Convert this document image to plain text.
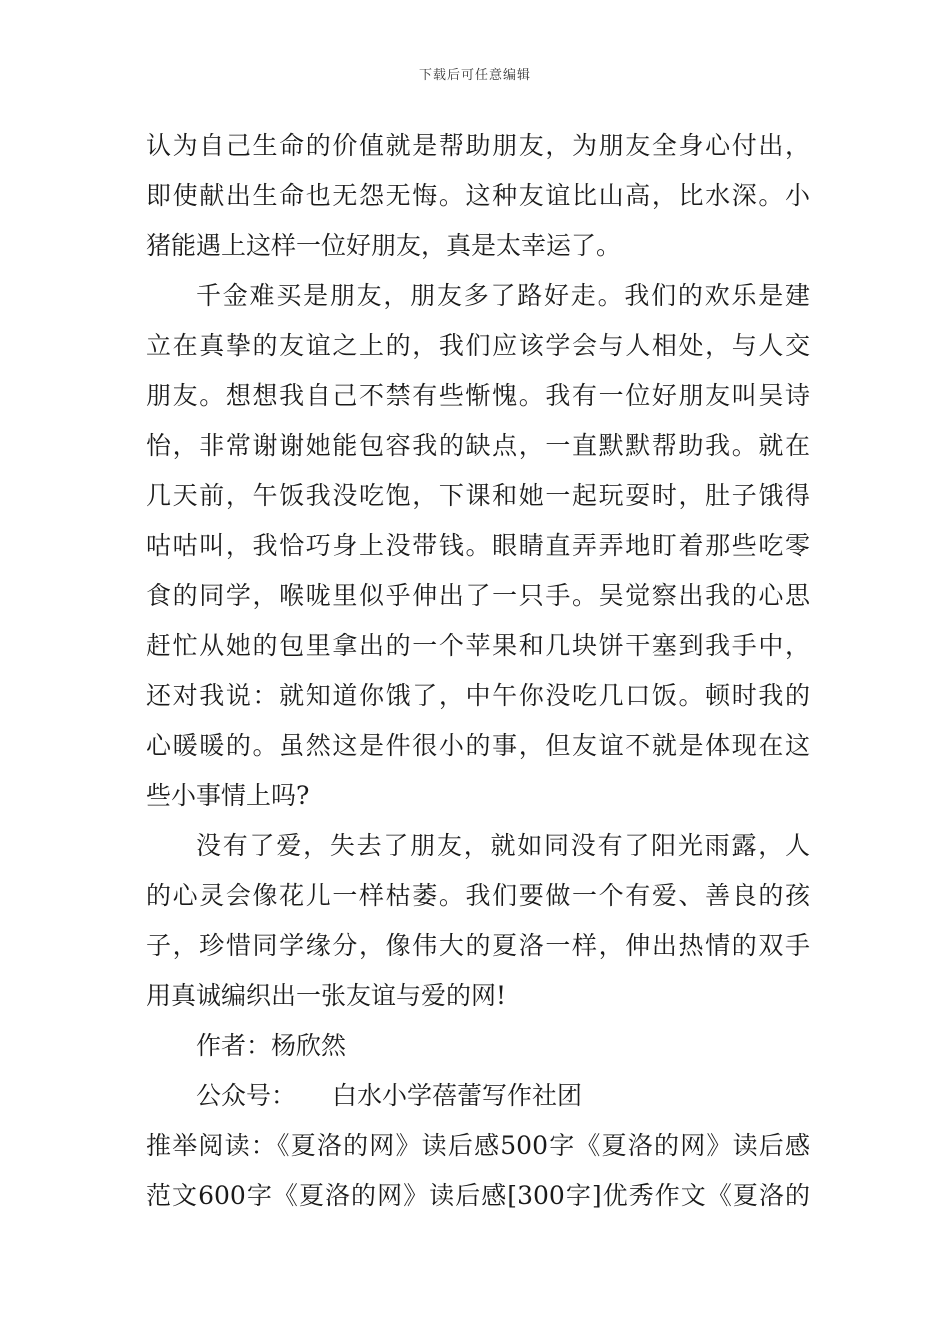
下载后可任意编辑
认为自己生命的价值就是帮助朋友，为朋友全身心付出，
即使献出生命也无怨无悔。这种友谊比山高，比水深。小
猪能遇上这样一位好朋友，真是太幸运了。
千金难买是朋友，朋友多了路好走。我们的欢乐是建
立在真挚的友谊之上的，我们应该学会与人相处，与人交
朋友。想想我自己不禁有些惭愧。我有一位好朋友叫吴诗
怡，非常谢谢她能包容我的缺点，一直默默帮助我。就在
几天前，午饭我没吃饱，下课和她一起玩耍时，肚子饿得
咕咕叫，我恰巧身上没带钱。眼睛直弄弄地盯着那些吃零
食的同学，喉咙里似乎伸出了一只手。吴觉察出我的心思
赶忙从她的包里拿出的一个苹果和几块饼干塞到我手中，
还对我说：就知道你饿了，中午你没吃几口饭。顿时我的
心暖暖的。虽然这是件很小的事，但友谊不就是体现在这
些小事情上吗?
没有了爱，失去了朋友，就如同没有了阳光雨露，人
的心灵会像花儿一样枯萎。我们要做一个有爱、善良的孩
子，珍惜同学缘分，像伟大的夏洛一样，伸出热情的双手
用真诚编织出一张友谊与爱的网!
作者：杨欣然
公众号： 白水小学蓓蕾写作社团
推举阅读：《夏洛的网》读后感500字《夏洛的网》读后感
范文600字《夏洛的网》读后感[300字]优秀作文《夏洛的
